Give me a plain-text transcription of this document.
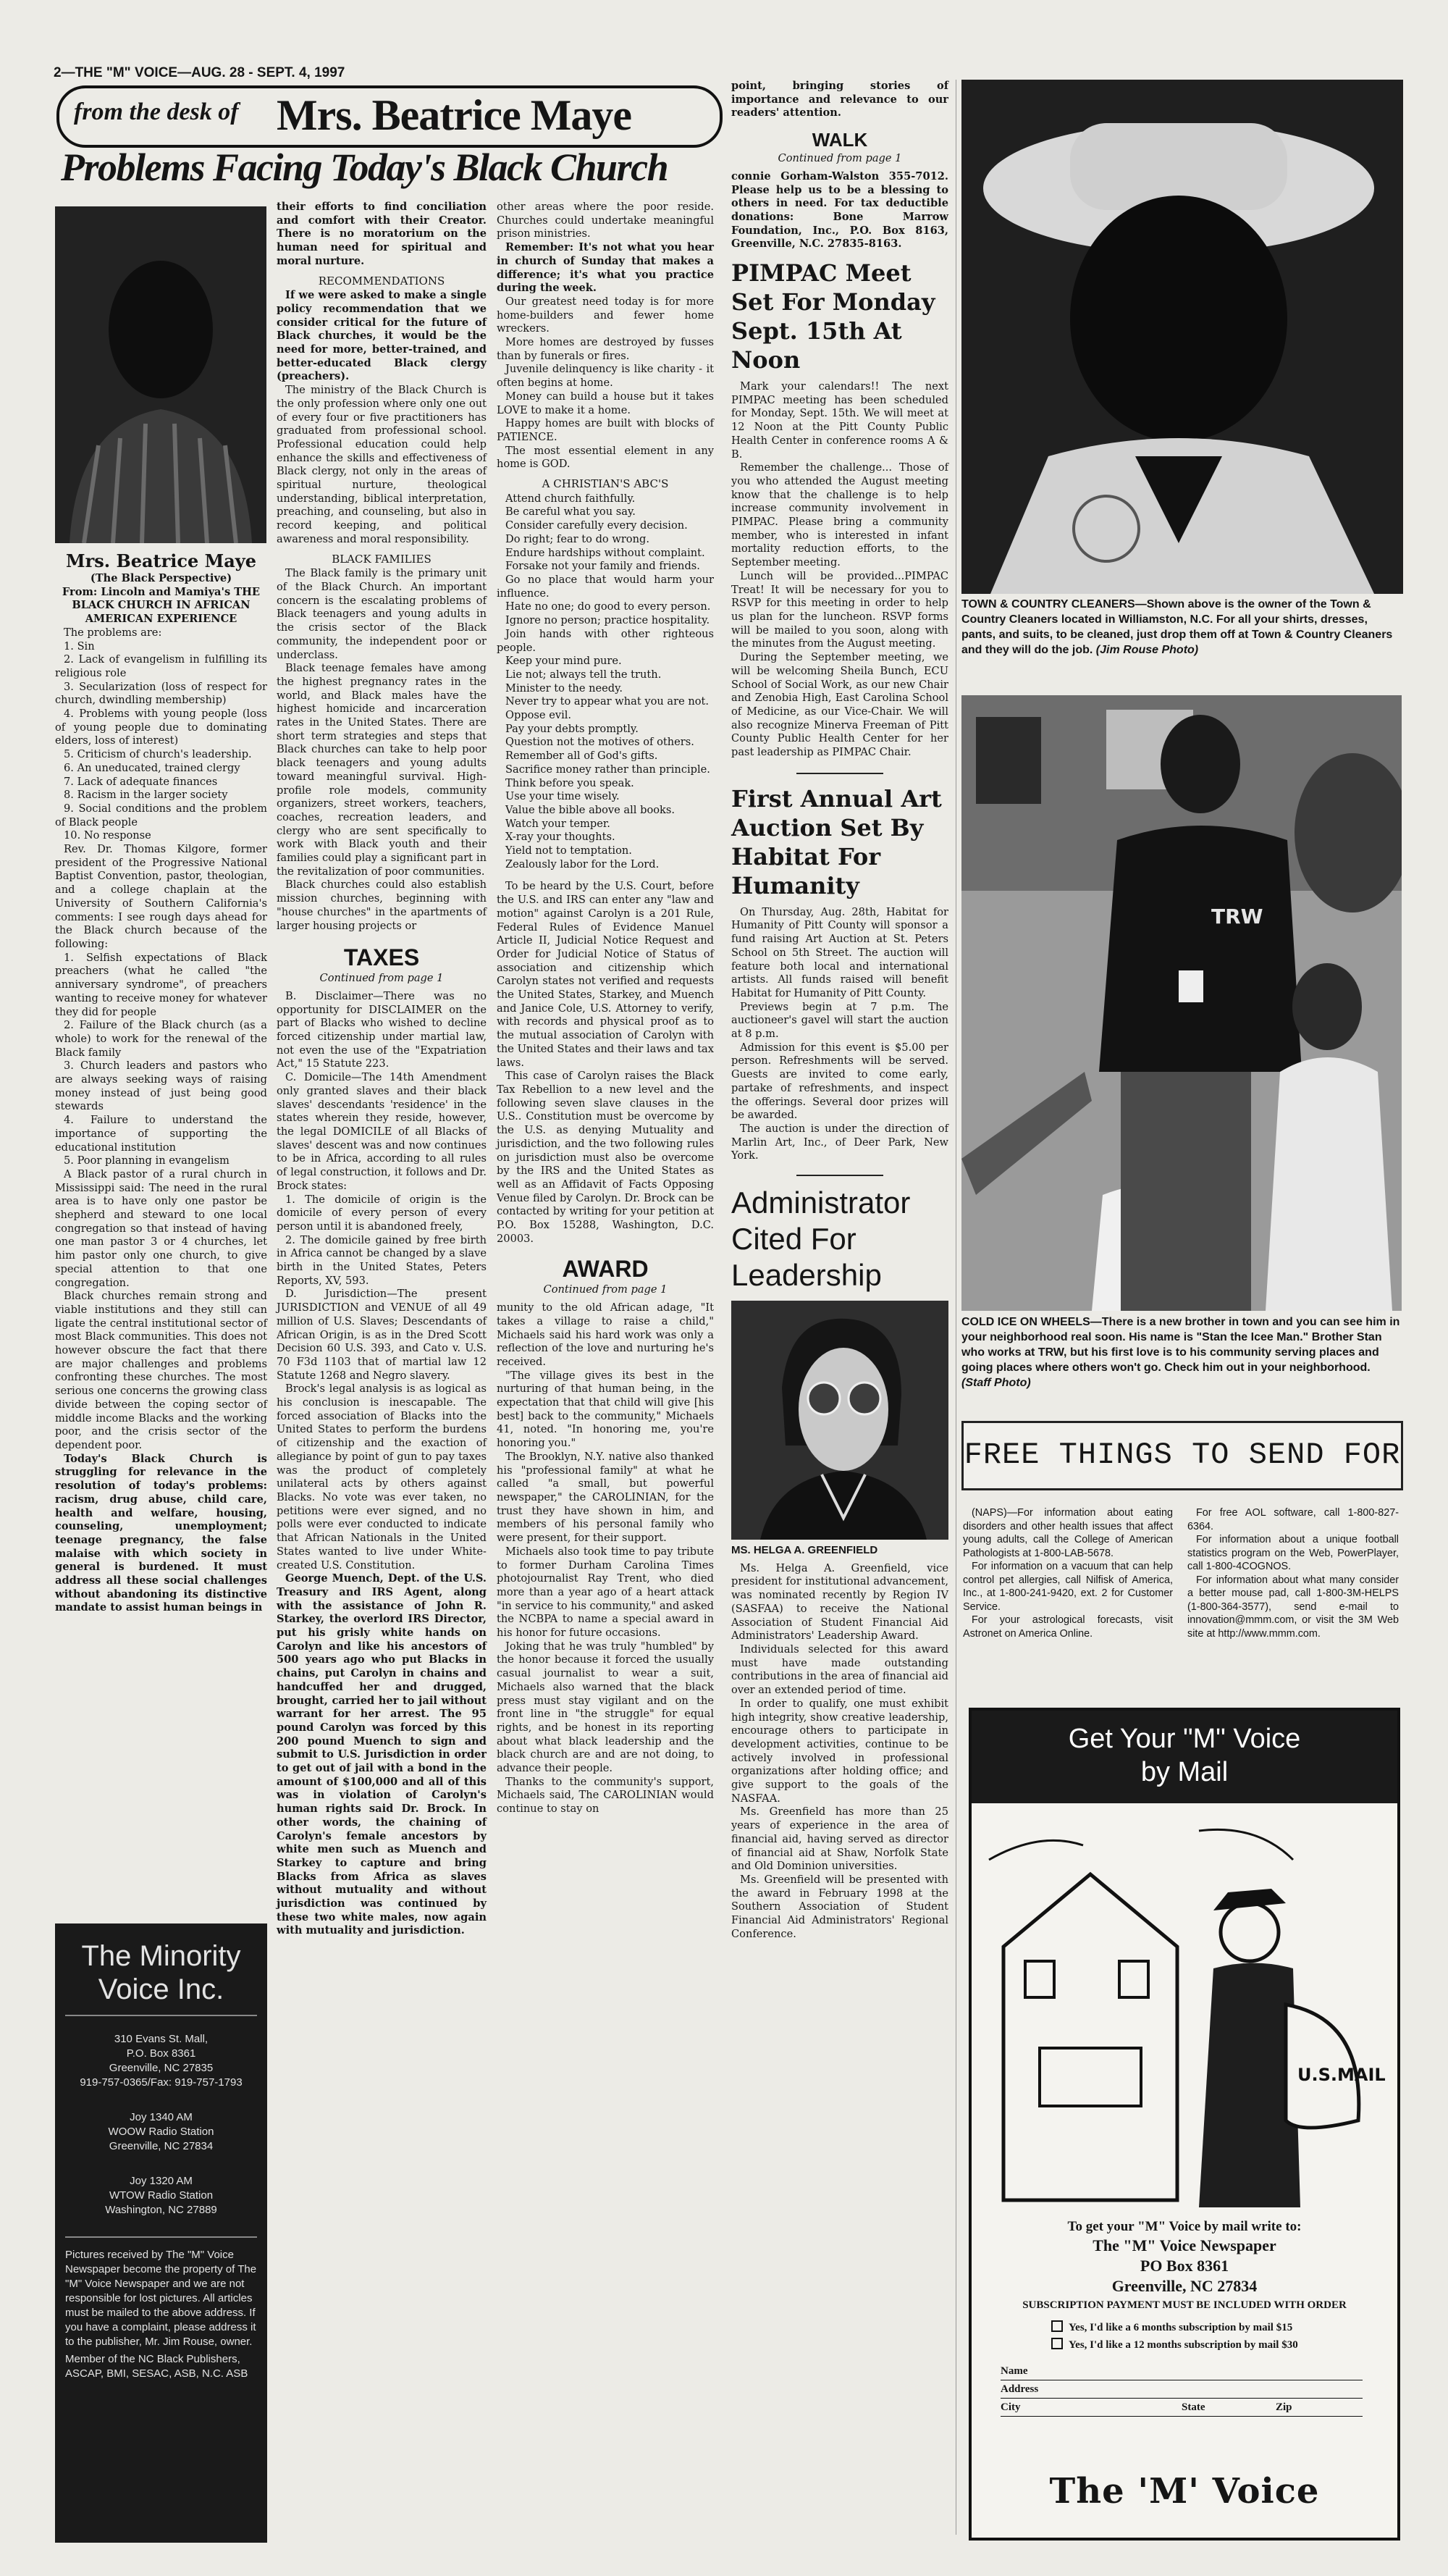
2—THE "M" VOICE—AUG. 28 - SEPT. 4, 1997
from the desk of Mrs. Beatrice Maye
Problems Facing Today's Black Church

Mrs. Beatrice Maye

(The Black Perspective)

From: Lincoln and Mamiya's THE BLACK CHURCH IN AFRICAN AMERICAN EXPERIENCE

The problems are:

1. Sin

2. Lack of evangelism in fulfilling its religious role

3. Secularization (loss of respect for church, dwindling membership)

4. Problems with young people (loss of young people due to dominating elders, loss of interest)

5. Criticism of church's leadership.

6. An uneducated, trained clergy

7. Lack of adequate finances

8. Racism in the larger society

9. Social conditions and the problem of Black people

10. No response

Rev. Dr. Thomas Kilgore, former president of the Progressive National Baptist Convention, pastor, theologian, and a college chaplain at the University of Southern California's comments: I see rough days ahead for the Black church because of the following:

1. Selfish expectations of Black preachers (what he called "the anniversary syndrome", of preachers wanting to receive money for whatever they did for people

2. Failure of the Black church (as a whole) to work for the renewal of the Black family

3. Church leaders and pastors who are always seeking ways of raising money instead of just being good stewards

4. Failure to understand the importance of supporting the educational institution

5. Poor planning in evangelism

A Black pastor of a rural church in Mississippi said: The need in the rural area is to have only one pastor be shepherd and steward to one local congregation so that instead of having one man pastor 3 or 4 churches, let him pastor only one church, to give special attention to that one congregation.

Black churches remain strong and viable institutions and they still can ligate the central institutional sector of most Black communities. This does not however obscure the fact that there are major challenges and problems confronting these churches. The most serious one concerns the growing class divide between the coping sector of middle income Blacks and the working poor, and the crisis sector of the dependent poor.

Today's Black Church is struggling for relevance in the resolution of today's problems: racism, drug abuse, child care, health and welfare, housing, counseling, unemployment; teenage pregnancy, the false malaise with which society in general is burdened. It must address all these social challenges without abandoning its distinctive mandate to assist human beings in

The Minority
Voice Inc.
310 Evans St. Mall,
P.O. Box 8361
Greenville, NC 27835
919-757-0365/Fax: 919-757-1793
Joy 1340 AM
WOOW Radio Station
Greenville, NC 27834
Joy 1320 AM
WTOW Radio Station
Washington, NC 27889
Pictures received by The "M" Voice Newspaper become the property of The "M" Voice Newspaper and we are not responsible for lost pictures. All articles must be mailed to the above address. If you have a complaint, please address it to the publisher, Mr. Jim Rouse, owner.
Member of the NC Black Publishers, ASCAP, BMI, SESAC, ASB, N.C. ASB

their efforts to find conciliation and comfort with their Creator. There is no moratorium on the human need for spiritual and moral nurture.

RECOMMENDATIONS

If we were asked to make a single policy recommendation that we consider critical for the future of Black churches, it would be the need for more, better-trained, and better-educated Black clergy (preachers).

The ministry of the Black Church is the only profession where only one out of every four or five practitioners has graduated from professional school. Professional education could help enhance the skills and effectiveness of Black clergy, not only in the areas of spiritual nurture, theological understanding, biblical interpretation, preaching, and counseling, but also in record keeping, and political awareness and moral responsibility.

BLACK FAMILIES

The Black family is the primary unit of the Black Church. An important concern is the escalating problems of Black teenagers and young adults in the crisis sector of the Black community, the independent poor or underclass.

Black teenage females have among the highest pregnancy rates in the world, and Black males have the highest homicide and incarceration rates in the United States. There are short term strategies and steps that Black churches can take to help poor black teenagers and young adults toward meaningful survival. High-profile role models, community organizers, street workers, teachers, coaches, recreation leaders, and clergy who are sent specifically to work with Black youth and their families could play a significant part in the revitalization of poor communities.

Black churches could also establish mission churches, beginning with "house churches" in the apartments of larger housing projects or

TAXES
Continued from page 1

B. Disclaimer—There was no opportunity for DISCLAIMER on the part of Blacks who wished to decline forced citizenship under martial law, not even the use of the "Expatriation Act," 15 Statute 223.

C. Domicile—The 14th Amendment only granted slaves and their black slaves' descendants 'residence' in the states wherein they reside, however, the legal DOMICILE of all Blacks of slaves' descent was and now continues to be in Africa, according to all rules of legal construction, it follows and Dr. Brock states:

1. The domicile of origin is the domicile of every person of every person until it is abandoned freely,

2. The domicile gained by free birth in Africa cannot be changed by a slave birth in the United States, Peters Reports, XV, 593.

D. Jurisdiction—The present JURISDICTION and VENUE of all 49 million of U.S. Slaves; Descendants of African Origin, is as in the Dred Scott Decision 60 U.S. 393, and Cato v. U.S. 70 F3d 1103 that of martial law 12 Statute 1268 and Negro slavery.

Brock's legal analysis is as logical as his conclusion is inescapable. The forced association of Blacks into the United States to perform the burdens of citizenship and the exaction of allegiance by point of gun to pay taxes was the product of completely unilateral acts by others against Blacks. No vote was ever taken, no petitions were ever signed, and no polls were ever conducted to indicate that African Nationals in the United States wanted to live under White-created U.S. Constitution.

George Muench, Dept. of the U.S. Treasury and IRS Agent, along with the assistance of John R. Starkey, the overlord IRS Director, put his grisly white hands on Carolyn and like his ancestors of 500 years ago who put Blacks in chains, put Carolyn in chains and handcuffed her and drugged, brought, carried her to jail without warrant for her arrest. The 95 pound Carolyn was forced by this 200 pound Muench to sign and submit to U.S. Jurisdiction in order to get out of jail with a bond in the amount of $100,000 and all of this was in violation of Carolyn's human rights said Dr. Brock. In other words, the chaining of Carolyn's female ancestors by white men such as Muench and Starkey to capture and bring Blacks from Africa as slaves without mutuality and without jurisdiction was continued by these two white males, now again with mutuality and jurisdiction.

other areas where the poor reside. Churches could undertake meaningful prison ministries.

Remember: It's not what you hear in church of Sunday that makes a difference; it's what you practice during the week.

Our greatest need today is for more home-builders and fewer home wreckers.

More homes are destroyed by fusses than by funerals or fires.

Juvenile delinquency is like charity - it often begins at home.

Money can build a house but it takes LOVE to make it a home.

Happy homes are built with blocks of PATIENCE.

The most essential element in any home is GOD.

A CHRISTIAN'S ABC'S

Attend church faithfully.

Be careful what you say.

Consider carefully every decision.

Do right; fear to do wrong.

Endure hardships without complaint.

Forsake not your family and friends.

Go no place that would harm your influence.

Hate no one; do good to every person.

Ignore no person; practice hospitality.

Join hands with other righteous people.

Keep your mind pure.

Lie not; always tell the truth.

Minister to the needy.

Never try to appear what you are not.

Oppose evil.

Pay your debts promptly.

Question not the motives of others.

Remember all of God's gifts.

Sacrifice money rather than principle.

Think before you speak.

Use your time wisely.

Value the bible above all books.

Watch your temper.

X-ray your thoughts.

Yield not to temptation.

Zealously labor for the Lord.

To be heard by the U.S. Court, before the U.S. and IRS can enter any "law and motion" against Carolyn is a 201 Rule, Federal Rules of Evidence Manuel Article II, Judicial Notice Request and Order for Judicial Notice of Status of association and citizenship which Carolyn states not verified and requests the United States, Starkey, and Muench and Janice Cole, U.S. Attorney to verify, with records and physical proof as to the mutual association of Carolyn with the United States and their laws and tax laws.

This case of Carolyn raises the Black Tax Rebellion to a new level and the following seven slave clauses in the U.S.. Constitution must be overcome by the U.S. as denying Mutuality and jurisdiction, and the two following rules on jurisdiction must also be overcome by the IRS and the United States as well as an Affidavit of Facts Opposing Venue filed by Carolyn. Dr. Brock can be contacted by writing for your petition at P.O. Box 15288, Washington, D.C. 20003.

AWARD
Continued from page 1

munity to the old African adage, "It takes a village to raise a child," Michaels said his hard work was only a reflection of the love and nurturing he's received.

"The village gives its best in the nurturing of that human being, in the expectation that that child will give [his best] back to the community," Michaels 41, noted. "In honoring me, you're honoring you."

The Brooklyn, N.Y. native also thanked his "professional family" at what he called "a small, but powerful newspaper," the CAROLINIAN, for the trust they have shown in him, and members of his personal family who were present, for their support.

Michaels also took time to pay tribute to former Durham Carolina Times photojournalist Ray Trent, who died more than a year ago of a heart attack "in service to his community," and asked the NCBPA to name a special award in his honor for future occasions.

Joking that he was truly "humbled" by the honor because it forced the usually casual journalist to wear a suit, Michaels also warned that the black press must stay vigilant and on the front line in "the struggle" for equal rights, and be honest in its reporting about what black leadership and the black church are and are not doing, to advance their people.

Thanks to the community's support, Michaels said, The CAROLINIAN would continue to stay on

point, bringing stories of importance and relevance to our readers' attention.

WALK
Continued from page 1

connie Gorham-Walston 355-7012. Please help us to be a blessing to others in need. For tax deductible donations: Bone Marrow Foundation, Inc., P.O. Box 8163, Greenville, N.C. 27835-8163.

PIMPAC Meet Set For Monday Sept. 15th At Noon

Mark your calendars!! The next PIMPAC meeting has been scheduled for Monday, Sept. 15th. We will meet at 12 Noon at the Pitt County Public Health Center in conference rooms A & B.

Remember the challenge... Those of you who attended the August meeting know that the challenge is to help increase community involvement in PIMPAC. Please bring a community member, who is interested in infant mortality reduction efforts, to the September meeting.

Lunch will be provided...PIMPAC Treat! It will be necessary for you to RSVP for this meeting in order to help us plan for the luncheon. RSVP forms will be mailed to you soon, along with the minutes from the August meeting.

During the September meeting, we will be welcoming Sheila Bunch, ECU School of Social Work, as our new Chair and Zenobia High, East Carolina School of Medicine, as our Vice-Chair. We will also recognize Minerva Freeman of Pitt County Public Health Center for her past leadership as PIMPAC Chair.

First Annual Art Auction Set By Habitat For Humanity

On Thursday, Aug. 28th, Habitat for Humanity of Pitt County will sponsor a fund raising Art Auction at St. Peters School on 5th Street. The auction will feature both local and international artists. All funds raised will benefit Habitat for Humanity of Pitt County.

Previews begin at 7 p.m. The auctioneer's gavel will start the auction at 8 p.m.

Admission for this event is $5.00 per person. Refreshments will be served. Guests are invited to come early, partake of refreshments, and inspect the offerings. Several door prizes will be awarded.

The auction is under the direction of Marlin Art, Inc., of Deer Park, New York.

Administrator Cited For Leadership
MS. HELGA A. GREENFIELD

Ms. Helga A. Greenfield, vice president for institutional advancement, was nominated recently by Region IV (SASFAA) to receive the National Association of Student Financial Aid Administrators' Leadership Award.

Individuals selected for this award must have made outstanding contributions in the area of financial aid over an extended period of time.

In order to qualify, one must exhibit high integrity, show creative leadership, encourage others to participate in development activities, continue to be actively involved in professional organizations after holding office; and give support to the goals of the NASFAA.

Ms. Greenfield has more than 25 years of experience in the area of financial aid, having served as director of financial aid at Shaw, Norfolk State and Old Dominion universities.

Ms. Greenfield will be presented with the award in February 1998 at the Southern Association of Student Financial Aid Administrators' Regional Conference.

TOWN & COUNTRY CLEANERS—Shown above is the owner of the Town & Country Cleaners located in Williamston, N.C. For all your shirts, dresses, pants, and suits, to be cleaned, just drop them off at Town & Country Cleaners and they will do the job. (Jim Rouse Photo)
TRW
COLD ICE ON WHEELS—There is a new brother in town and you can see him in your neighborhood real soon. His name is "Stan the Icee Man." Brother Stan who works at TRW, but his first love is to his community serving places and going places where others won't go. Check him out in your neighborhood. (Staff Photo)
FREE THINGS TO SEND FOR

(NAPS)—For information about eating disorders and other health issues that affect young adults, call the College of American Pathologists at 1-800-LAB-5678.

For information on a vacuum that can help control pet allergies, call Nilfisk of America, Inc., at 1-800-241-9420, ext. 2 for Customer Service.

For your astrological forecasts, visit Astronet on America Online.

For free AOL software, call 1-800-827-6364.

For information about a unique football statistics program on the Web, PowerPlayer, call 1-800-4COGNOS.

For information about what many consider a better mouse pad, call 1-800-3M-HELPS (1-800-364-3577), send e-mail to innovation@mmm.com, or visit the 3M Web site at http://www.mmm.com.

Get Your "M" Voice
by Mail
U.S.MAIL
To get your "M" Voice by mail write to:
The "M" Voice Newspaper
PO Box 8361
Greenville, NC 27834
SUBSCRIPTION PAYMENT MUST BE INCLUDED WITH ORDER
Yes, I'd like a 6 months subscription by mail $15
Yes, I'd like a 12 months subscription by mail $30
Name
Address
City	State	Zip
The 'M' Voice
